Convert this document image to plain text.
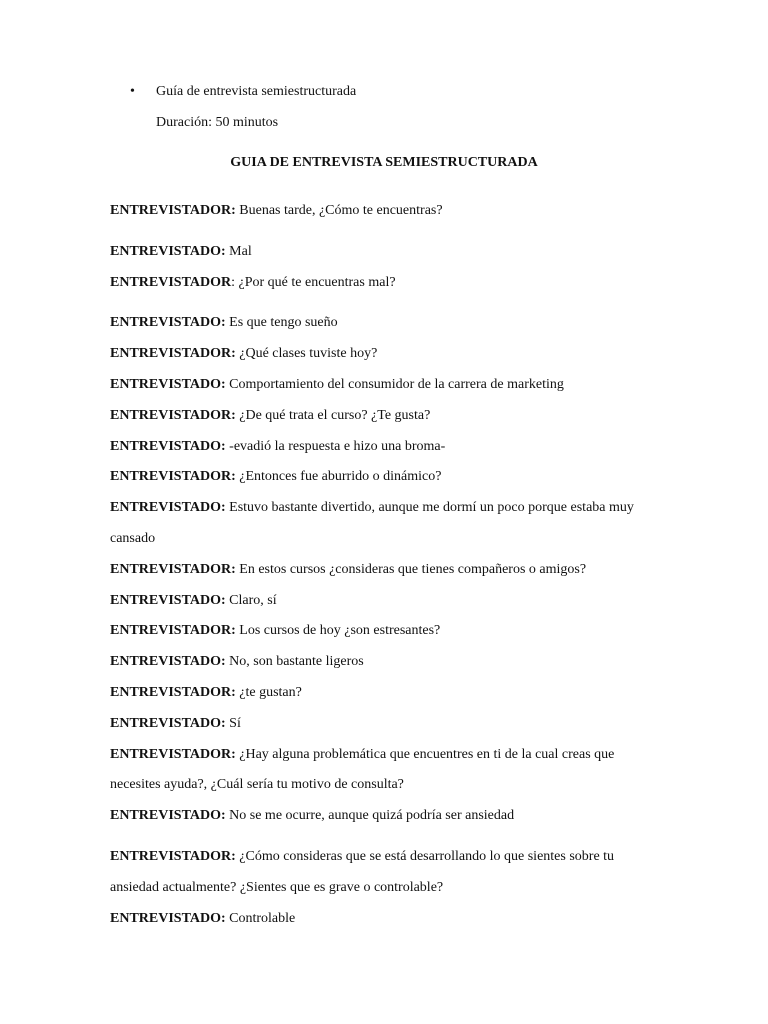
• Guía de entrevista semiestructurada
Duración: 50 minutos
GUIA DE ENTREVISTA SEMIESTRUCTURADA

ENTREVISTADOR: Buenas tarde, ¿Cómo te encuentras?

ENTREVISTADO: Mal

ENTREVISTADOR: ¿Por qué te encuentras mal?

ENTREVISTADO: Es que tengo sueño

ENTREVISTADOR: ¿Qué clases tuviste hoy?

ENTREVISTADO: Comportamiento del consumidor de la carrera de marketing

ENTREVISTADOR: ¿De qué trata el curso? ¿Te gusta?

ENTREVISTADO: -evadió la respuesta e hizo una broma-

ENTREVISTADOR: ¿Entonces fue aburrido o dinámico?

ENTREVISTADO: Estuvo bastante divertido, aunque me dormí un poco porque estaba muy cansado

ENTREVISTADOR: En estos cursos ¿consideras que tienes compañeros o amigos?

ENTREVISTADO: Claro, sí

ENTREVISTADOR: Los cursos de hoy ¿son estresantes?

ENTREVISTADO: No, son bastante ligeros

ENTREVISTADOR: ¿te gustan?

ENTREVISTADO: Sí

ENTREVISTADOR: ¿Hay alguna problemática que encuentres en ti de la cual creas que necesites ayuda?, ¿Cuál sería tu motivo de consulta?

ENTREVISTADO: No se me ocurre, aunque quizá podría ser ansiedad

ENTREVISTADOR: ¿Cómo consideras que se está desarrollando lo que sientes sobre tu ansiedad actualmente? ¿Sientes que es grave o controlable?

ENTREVISTADO: Controlable
